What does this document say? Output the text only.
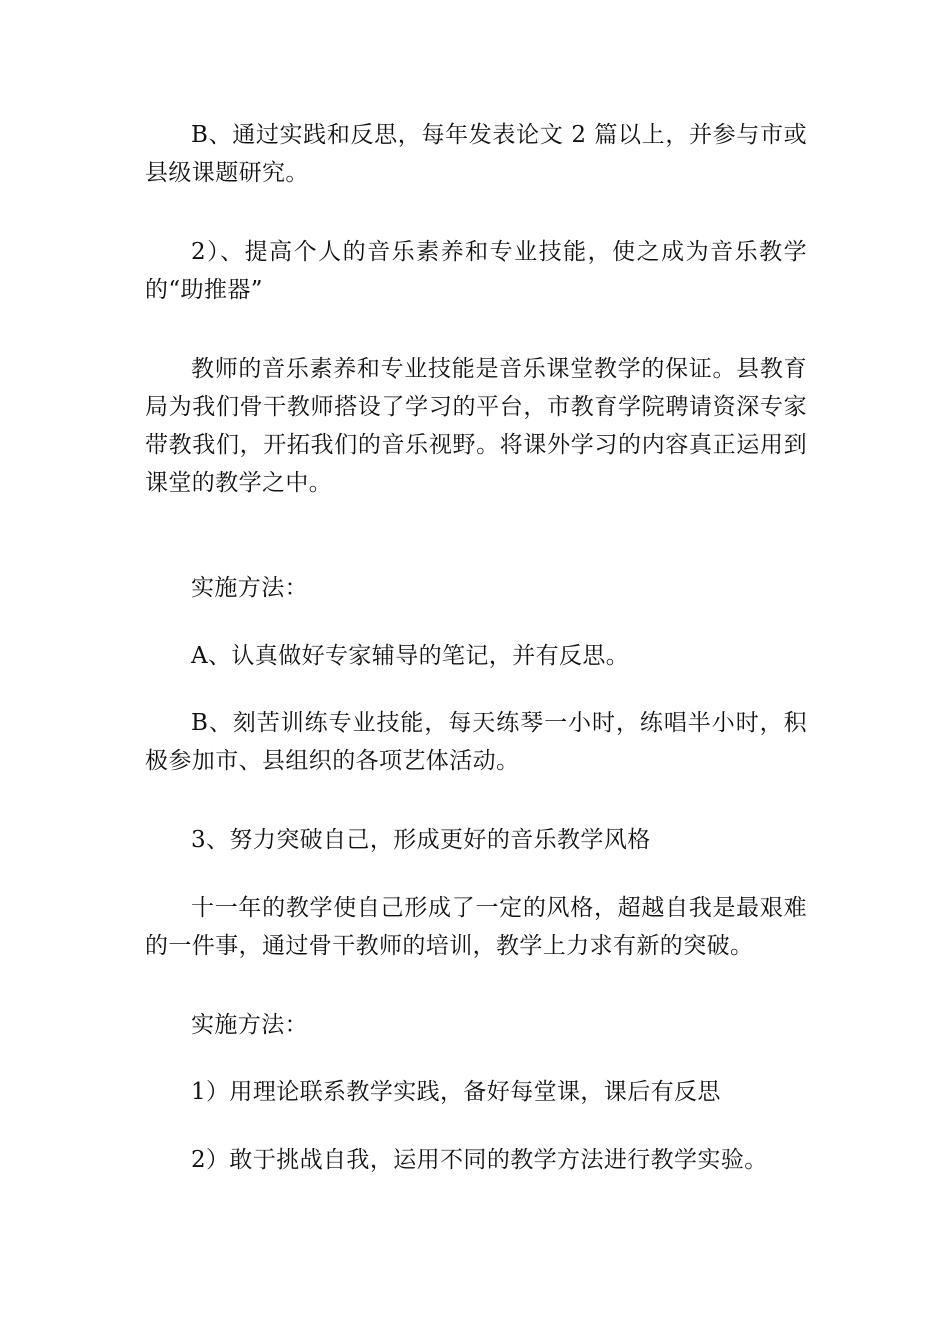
B、通过实践和反思，每年发表论文 2 篇以上，并参与市或县级课题研究。

2）、提高个人的音乐素养和专业技能，使之成为音乐教学的“助推器”

教师的音乐素养和专业技能是音乐课堂教学的保证。县教育局为我们骨干教师搭设了学习的平台，市教育学院聘请资深专家带教我们，开拓我们的音乐视野。将课外学习的内容真正运用到课堂的教学之中。

实施方法：

A、认真做好专家辅导的笔记，并有反思。

B、刻苦训练专业技能，每天练琴一小时，练唱半小时，积极参加市、县组织的各项艺体活动。

3、努力突破自己，形成更好的音乐教学风格

十一年的教学使自己形成了一定的风格，超越自我是最艰难的一件事，通过骨干教师的培训，教学上力求有新的突破。

实施方法：

1）用理论联系教学实践，备好每堂课，课后有反思

2）敢于挑战自我，运用不同的教学方法进行教学实验。
